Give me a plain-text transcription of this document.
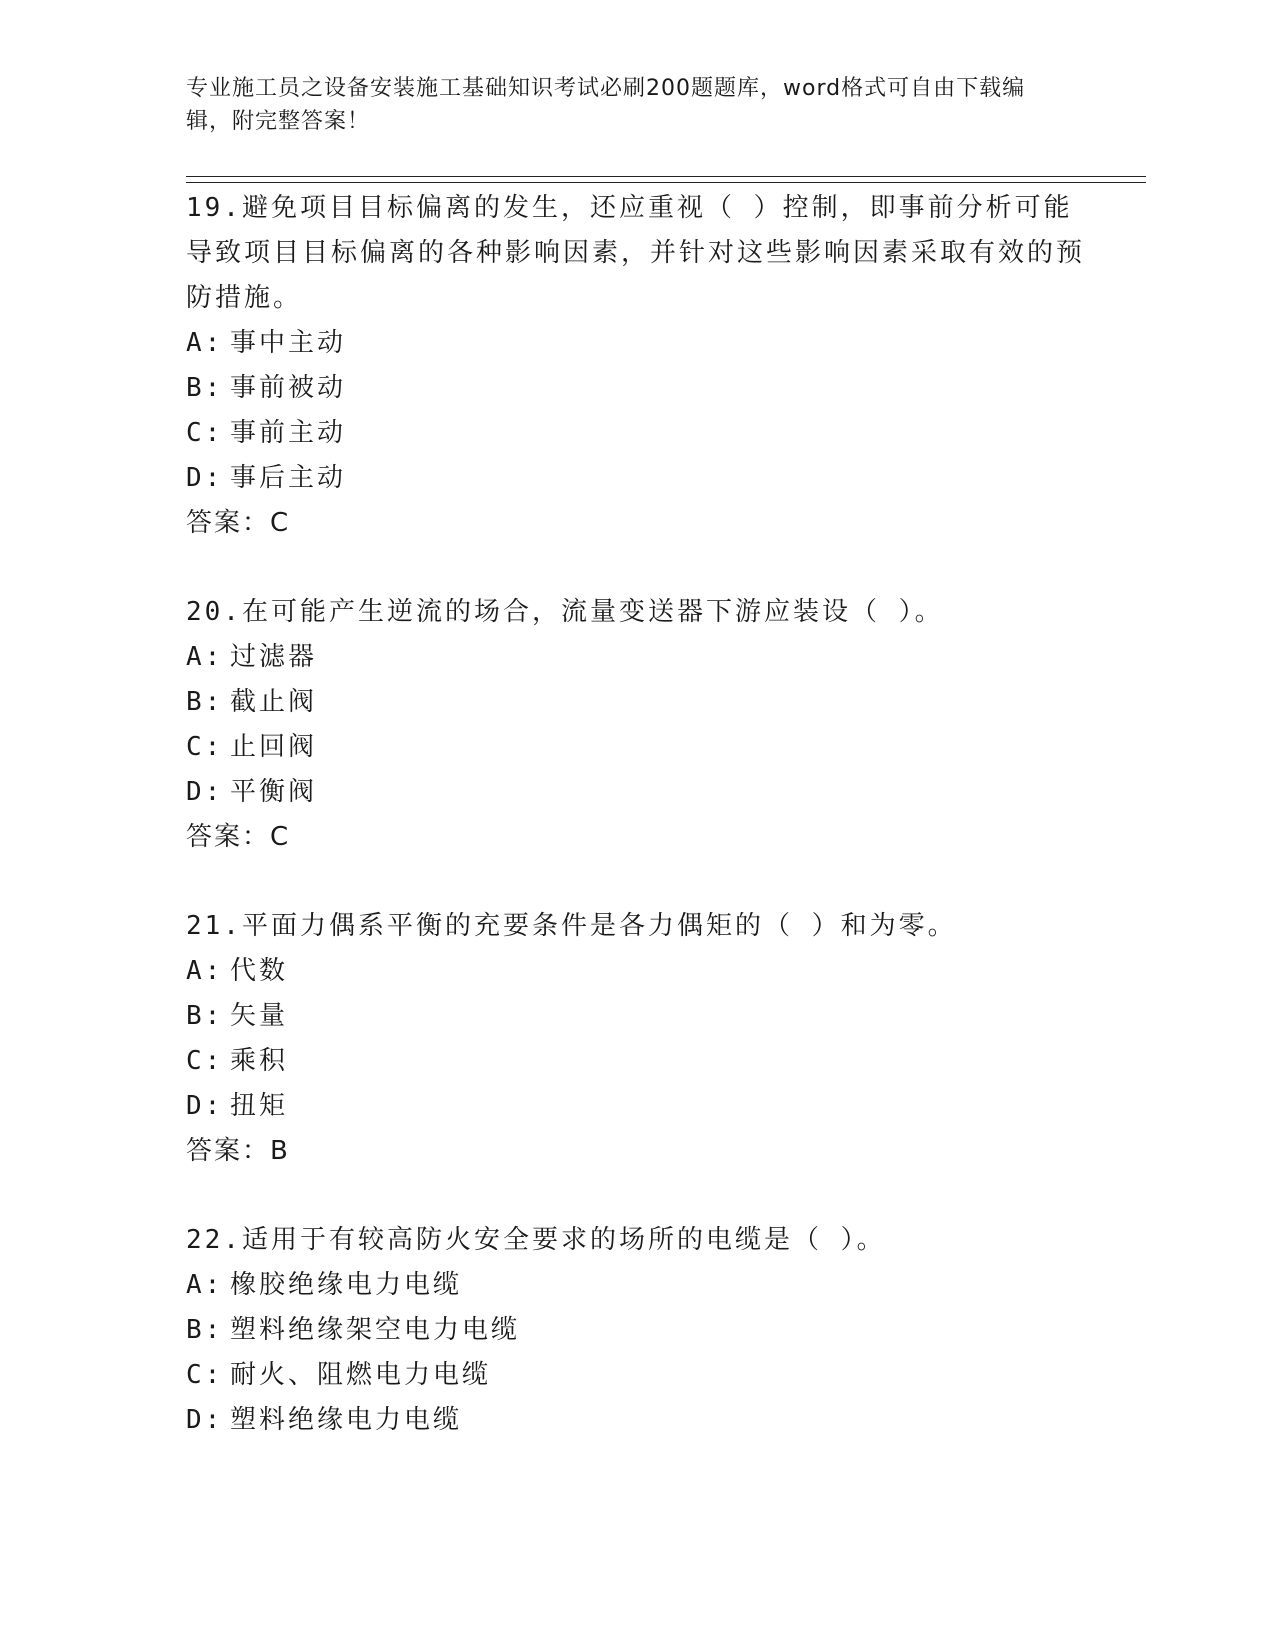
专业施工员之设备安装施工基础知识考试必刷200题题库，word格式可自由下载编辑，附完整答案！

19.避免项目目标偏离的发生，还应重视（ ）控制，即事前分析可能导致项目目标偏离的各种影响因素，并针对这些影响因素采取有效的预防措施。

A: 事中主动

B: 事前被动

C: 事前主动

D: 事后主动

答案：C

20.在可能产生逆流的场合，流量变送器下游应装设（ ）。

A: 过滤器

B: 截止阀

C: 止回阀

D: 平衡阀

答案：C

21.平面力偶系平衡的充要条件是各力偶矩的（ ）和为零。

A: 代数

B: 矢量

C: 乘积

D: 扭矩

答案：B

22.适用于有较高防火安全要求的场所的电缆是（ ）。

A: 橡胶绝缘电力电缆

B: 塑料绝缘架空电力电缆

C: 耐火、阻燃电力电缆

D: 塑料绝缘电力电缆
